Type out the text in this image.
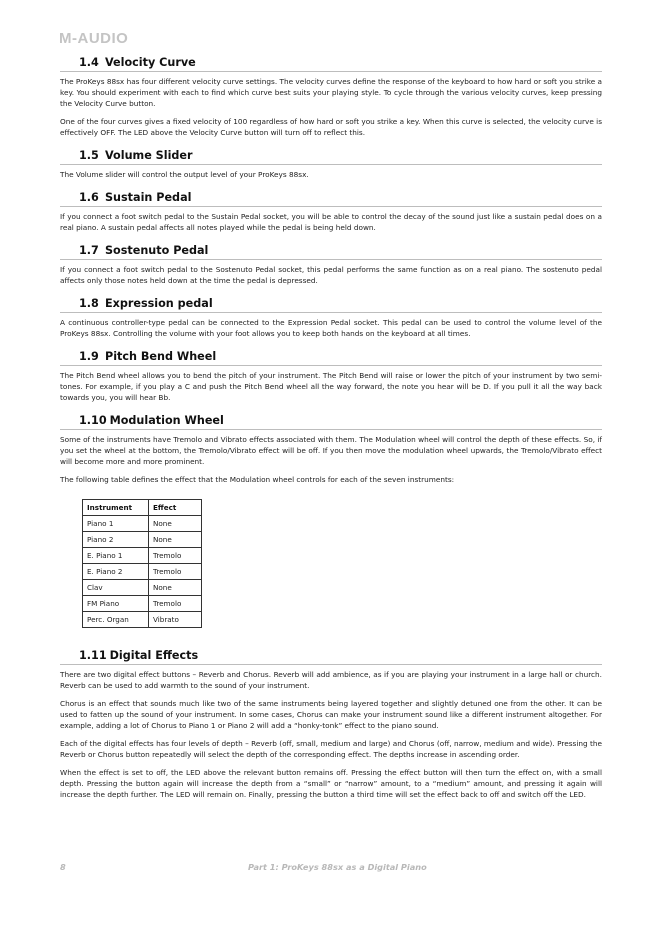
M-AUDIO
1.4 Velocity Curve

The ProKeys 88sx has four different velocity curve settings. The velocity curves define the response of the keyboard to how hard or soft you strike a key. You should experiment with each to find which curve best suits your playing style. To cycle through the various velocity curves, keep pressing the Velocity Curve button.

One of the four curves gives a fixed velocity of 100 regardless of how hard or soft you strike a key. When this curve is selected, the velocity curve is effectively OFF. The LED above the Velocity Curve button will turn off to reflect this.

1.5 Volume Slider

The Volume slider will control the output level of your ProKeys 88sx.

1.6 Sustain Pedal

If you connect a foot switch pedal to the Sustain Pedal socket, you will be able to control the decay of the sound just like a sustain pedal does on a real piano. A sustain pedal affects all notes played while the pedal is being held down.

1.7 Sostenuto Pedal

If you connect a foot switch pedal to the Sostenuto Pedal socket, this pedal performs the same function as on a real piano. The sostenuto pedal affects only those notes held down at the time the pedal is depressed.

1.8 Expression pedal

A continuous controller-type pedal can be connected to the Expression Pedal socket. This pedal can be used to control the volume level of the ProKeys 88sx. Controlling the volume with your foot allows you to keep both hands on the keyboard at all times.

1.9 Pitch Bend Wheel

The Pitch Bend wheel allows you to bend the pitch of your instrument. The Pitch Bend will raise or lower the pitch of your instrument by two semi-tones. For example, if you play a C and push the Pitch Bend wheel all the way forward, the note you hear will be D. If you pull it all the way back towards you, you will hear Bb.

1.10 Modulation Wheel

Some of the instruments have Tremolo and Vibrato effects associated with them. The Modulation wheel will control the depth of these effects. So, if you set the wheel at the bottom, the Tremolo/Vibrato effect will be off. If you then move the modulation wheel upwards, the Tremolo/Vibrato effect will become more and more prominent.

The following table defines the effect that the Modulation wheel controls for each of the seven instruments:

Instrument	Effect
Piano 1	None
Piano 2	None
E. Piano 1	Tremolo
E. Piano 2	Tremolo
Clav	None
FM Piano	Tremolo
Perc. Organ	Vibrato
1.11 Digital Effects

There are two digital effect buttons – Reverb and Chorus. Reverb will add ambience, as if you are playing your instrument in a large hall or church. Reverb can be used to add warmth to the sound of your instrument.

Chorus is an effect that sounds much like two of the same instruments being layered together and slightly detuned one from the other. It can be used to fatten up the sound of your instrument. In some cases, Chorus can make your instrument sound like a different instrument altogether. For example, adding a lot of Chorus to Piano 1 or Piano 2 will add a “honky-tonk” effect to the piano sound.

Each of the digital effects has four levels of depth – Reverb (off, small, medium and large) and Chorus (off, narrow, medium and wide). Pressing the Reverb or Chorus button repeatedly will select the depth of the corresponding effect. The depths increase in ascending order.

When the effect is set to off, the LED above the relevant button remains off. Pressing the effect button will then turn the effect on, with a small depth. Pressing the button again will increase the depth from a “small” or “narrow” amount, to a “medium” amount, and pressing it again will increase the depth further. The LED will remain on. Finally, pressing the button a third time will set the effect back to off and switch off the LED.

8	Part 1: ProKeys 88sx as a Digital Piano
